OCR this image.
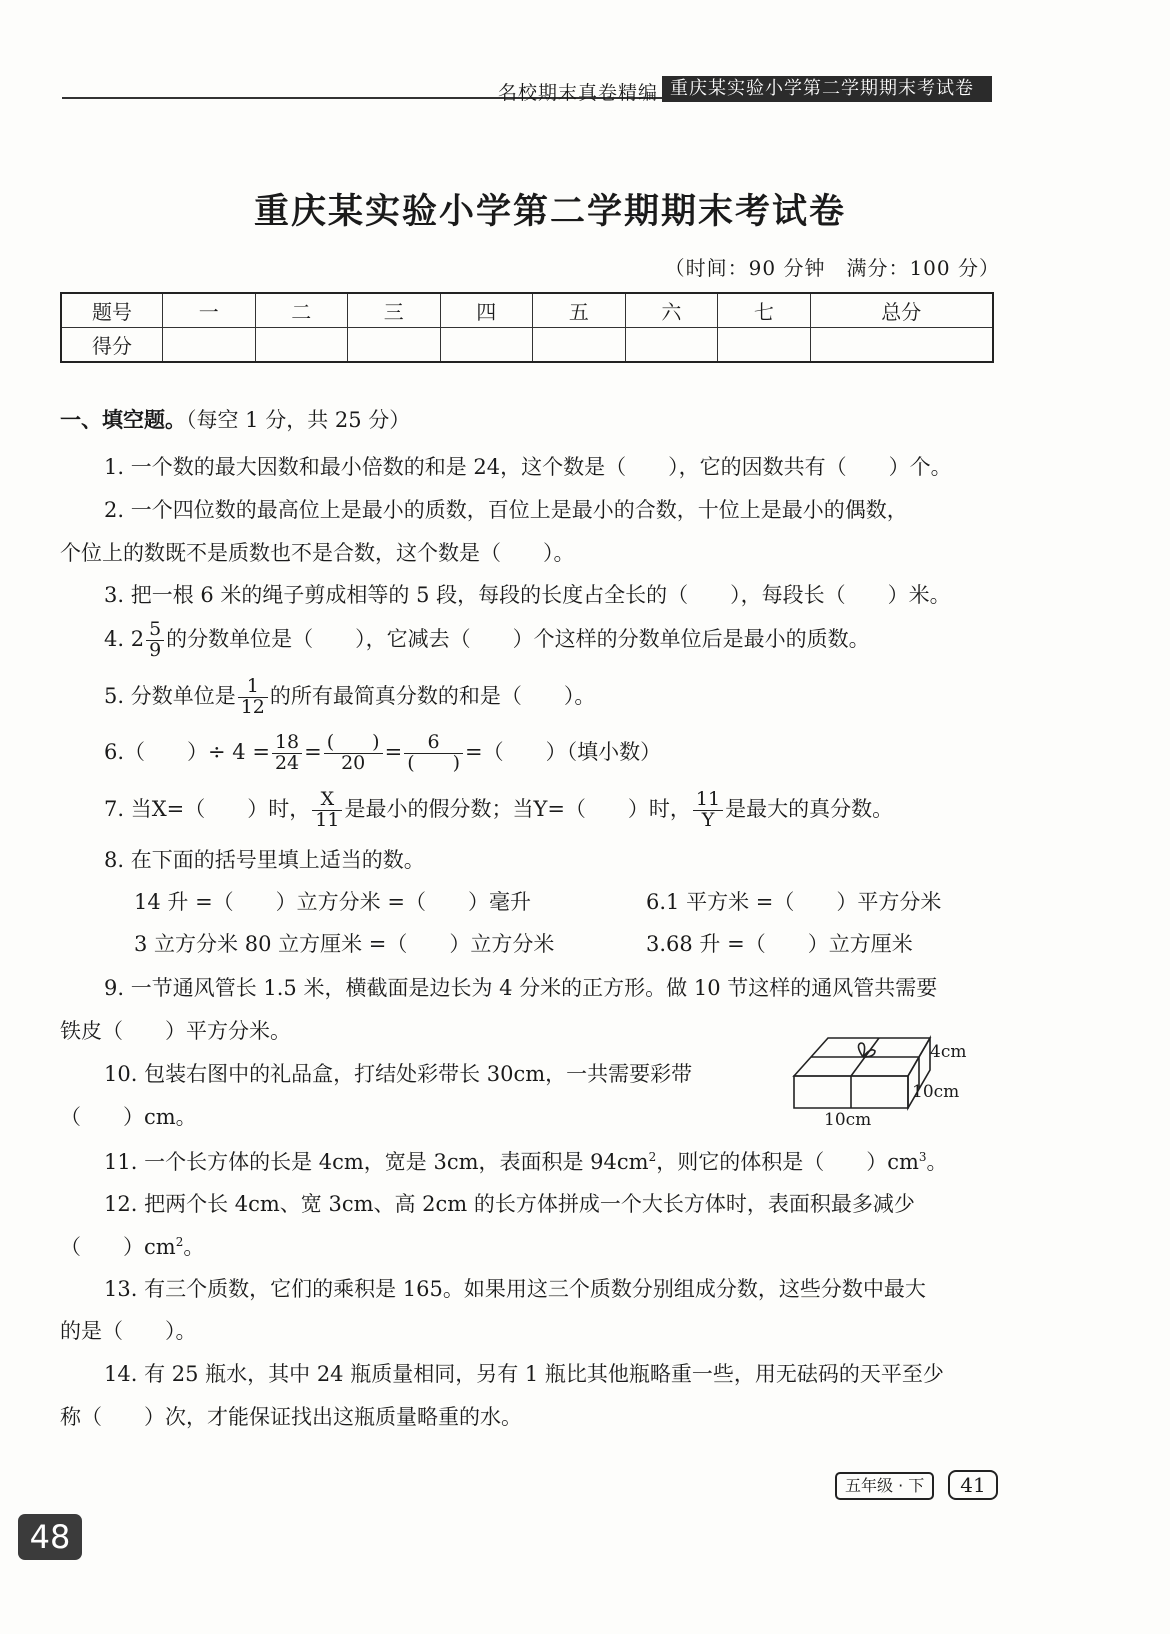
名校期末真卷精编 重庆某实验小学第二学期期末考试卷
重庆某实验小学第二学期期末考试卷
（时间：90 分钟　满分：100 分）
题号	一	二	三	四	五	六	七	总分
得分								
一、填空题。（每空 1 分，共 25 分）
1. 一个数的最大因数和最小倍数的和是 24，这个数是（　　），它的因数共有（　　）个。
2. 一个四位数的最高位上是最小的质数，百位上是最小的合数，十位上是最小的偶数，
个位上的数既不是质数也不是合数，这个数是（　　）。
3. 把一根 6 米的绳子剪成相等的 5 段，每段的长度占全长的（　　），每段长（　　）米。
4. $2 \frac{5}{9}$ 的分数单位是（　　），它减去（　　）个这样的分数单位后是最小的质数。
5. 分数单位是 $\frac{1}{12}$ 的所有最简真分数的和是（　　）。
6.（　　）÷ $4 = \frac{18}{24} = \frac{( )}{20} = \frac{6}{( )}$ =（　　）（填小数）
7. 当X=（　　）时， $\frac{X}{11}$ 是最小的假分数；当Y=（　　）时， $\frac{11}{Y}$ 是最大的真分数。
8. 在下面的括号里填上适当的数。
14 升 =（　　）立方分米 =（　　）毫升	6.1 平方米 =（　　）平方分米
3 立方分米 80 立方厘米 =（　　）立方分米	3.68 升 =（　　）立方厘米
9. 一节通风管长 1.5 米，横截面是边长为 4 分米的正方形。做 10 节这样的通风管共需要
铁皮（　　）平方分米。
10. 包装右图中的礼品盒，打结处彩带长 30cm，一共需要彩带
（　　）cm。
4cm
10cm
10cm
11. 一个长方体的长是 4cm，宽是 3cm，表面积是 $94cm^2$，则它的体积是（　　）$cm^3$。
12. 把两个长 4cm、宽 3cm、高 2cm 的长方体拼成一个大长方体时，表面积最多减少
（　　）$cm^2$。
13. 有三个质数，它们的乘积是 165。如果用这三个质数分别组成分数，这些分数中最大
的是（　　）。
14. 有 25 瓶水，其中 24 瓶质量相同，另有 1 瓶比其他瓶略重一些，用无砝码的天平至少
称（　　）次，才能保证找出这瓶质量略重的水。
五年级 · 下	41
48
